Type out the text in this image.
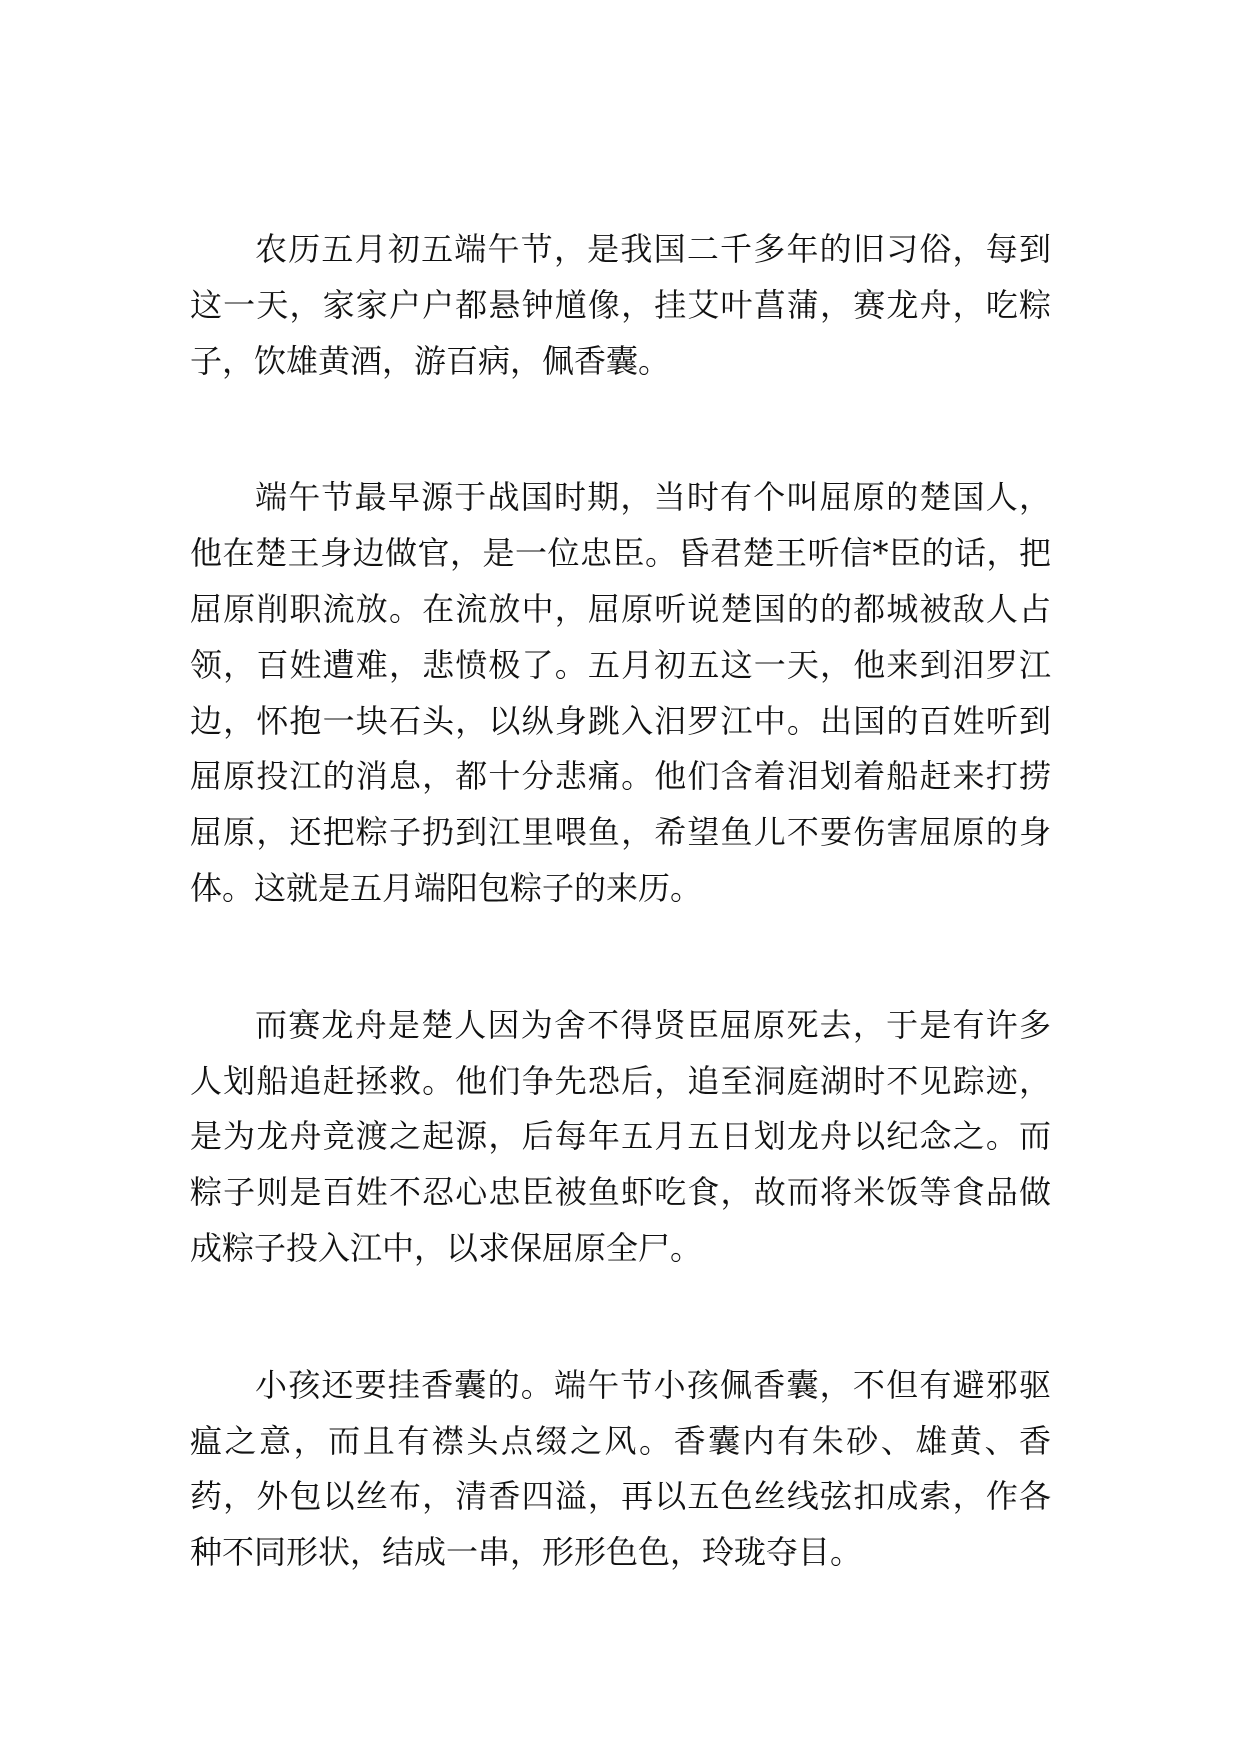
农历五月初五端午节，是我国二千多年的旧习俗，每到这一天，家家户户都悬钟馗像，挂艾叶菖蒲，赛龙舟，吃粽子，饮雄黄酒，游百病，佩香囊。

端午节最早源于战国时期，当时有个叫屈原的楚国人，他在楚王身边做官，是一位忠臣。昏君楚王听信*臣的话，把屈原削职流放。在流放中，屈原听说楚国的的都城被敌人占领，百姓遭难，悲愤极了。五月初五这一天，他来到汨罗江边，怀抱一块石头，以纵身跳入汨罗江中。出国的百姓听到屈原投江的消息，都十分悲痛。他们含着泪划着船赶来打捞屈原，还把粽子扔到江里喂鱼，希望鱼儿不要伤害屈原的身体。这就是五月端阳包粽子的来历。

而赛龙舟是楚人因为舍不得贤臣屈原死去，于是有许多人划船追赶拯救。他们争先恐后，追至洞庭湖时不见踪迹，是为龙舟竞渡之起源，后每年五月五日划龙舟以纪念之。而粽子则是百姓不忍心忠臣被鱼虾吃食，故而将米饭等食品做成粽子投入江中，以求保屈原全尸。

小孩还要挂香囊的。端午节小孩佩香囊，不但有避邪驱瘟之意，而且有襟头点缀之风。香囊内有朱砂、雄黄、香药，外包以丝布，清香四溢，再以五色丝线弦扣成索，作各种不同形状，结成一串，形形色色，玲珑夺目。
